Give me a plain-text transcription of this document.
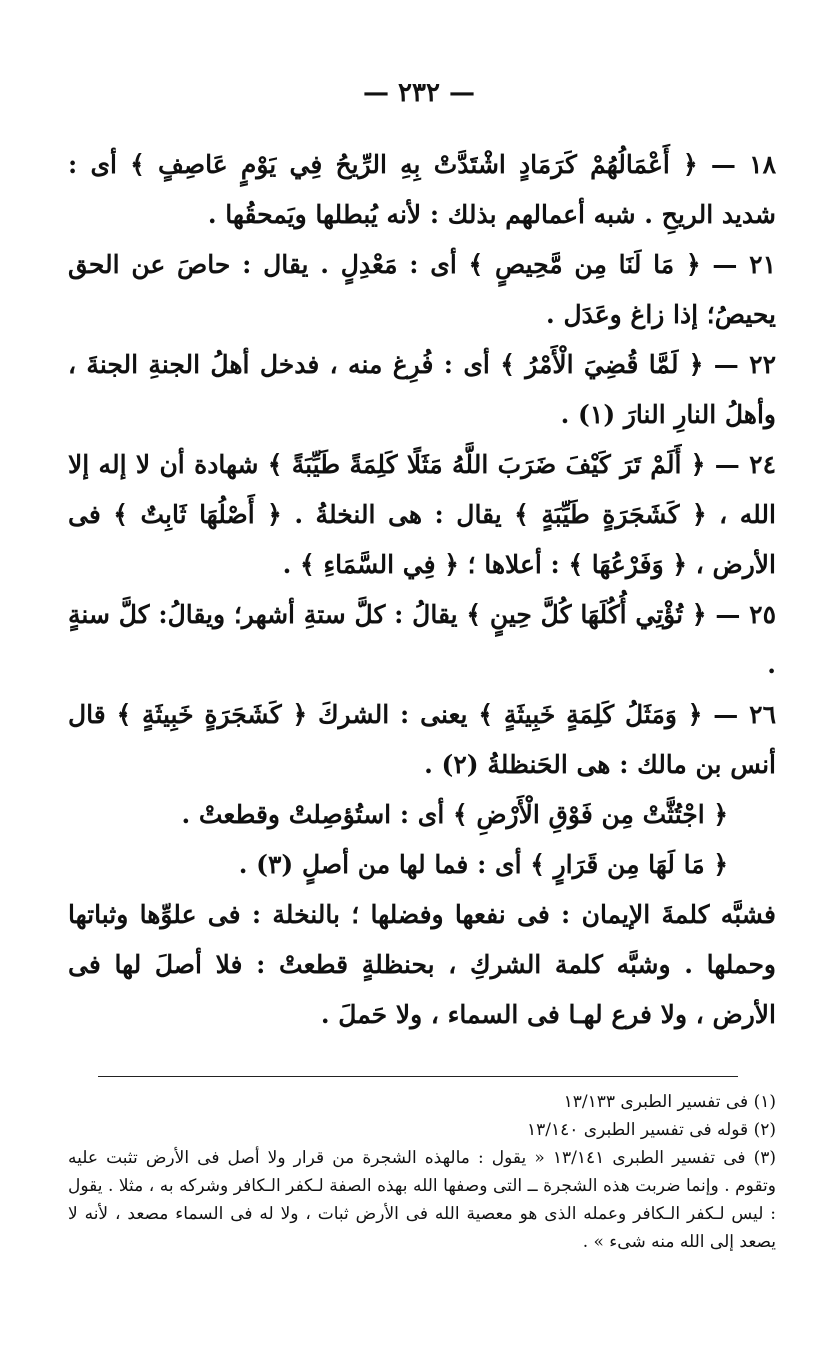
— ٢٣٢ —

١٨ — ﴿ أَعْمَالُهُمْ كَرَمَادٍ اشْتَدَّتْ بِهِ الرِّيحُ فِي يَوْمٍ عَاصِفٍ ﴾ أى : شديد الريحِ . شبه أعمالهم بذلك : لأنه يُبطلها ويَمحقُها .

٢١ — ﴿ مَا لَنَا مِن مَّحِيصٍ ﴾ أى : مَعْدِلٍ . يقال : حاصَ عن الحق يحيصُ؛ إذا زاغ وعَدَل .

٢٢ — ﴿ لَمَّا قُضِيَ الْأَمْرُ ﴾ أى : فُرِغ منه ، فدخل أهلُ الجنةِ الجنةَ ، وأهلُ النارِ النارَ (١) .

٢٤ — ﴿ أَلَمْ تَرَ كَيْفَ ضَرَبَ اللَّهُ مَثَلًا كَلِمَةً طَيِّبَةً ﴾ شهادة أن لا إله إلا الله ، ﴿ كَشَجَرَةٍ طَيِّبَةٍ ﴾ يقال : هى النخلةُ . ﴿ أَصْلُهَا ثَابِتٌ ﴾ فى الأرض ، ﴿ وَفَرْعُهَا ﴾ : أعلاها ؛ ﴿ فِي السَّمَاءِ ﴾ .

٢٥ — ﴿ تُؤْتِي أُكُلَهَا كُلَّ حِينٍ ﴾ يقالُ : كلَّ ستةِ أشهر؛ ويقالُ: كلَّ سنةٍ .

٢٦ — ﴿ وَمَثَلُ كَلِمَةٍ خَبِيثَةٍ ﴾ يعنى : الشركَ ﴿ كَشَجَرَةٍ خَبِيثَةٍ ﴾ قال أنس بن مالك : هى الحَنظلةُ (٢) .

﴿ اجْتُثَّتْ مِن فَوْقِ الْأَرْضِ ﴾ أى : استُؤصِلتْ وقطعتْ .

﴿ مَا لَهَا مِن قَرَارٍ ﴾ أى : فما لها من أصلٍ (٣) .

فشبَّه كلمةَ الإيمان : فى نفعها وفضلها ؛ بالنخلة : فى علوِّها وثباتها وحملها . وشبَّه كلمة الشركِ ، بحنظلةٍ قطعتْ : فلا أصلَ لها فى الأرض ، ولا فرع لهـا فى السماء ، ولا حَملَ .

(١) فى تفسير الطبرى ١٣/١٣٣

(٢) قوله فى تفسير الطبرى ١٣/١٤٠

(٣) فى تفسير الطبرى ١٣/١٤١ « يقول : مالهذه الشجرة من قرار ولا أصل فى الأرض تثبت عليه وتقوم . وإنما ضربت هذه الشجرة ــ التى وصفها الله بهذه الصفة لـكفر الـكافر وشركه به ، مثلا . يقول : ليس لـكفر الـكافر وعمله الذى هو معصية الله فى الأرض ثبات ، ولا له فى السماء مصعد ، لأنه لا يصعد إلى الله منه شىء » .
